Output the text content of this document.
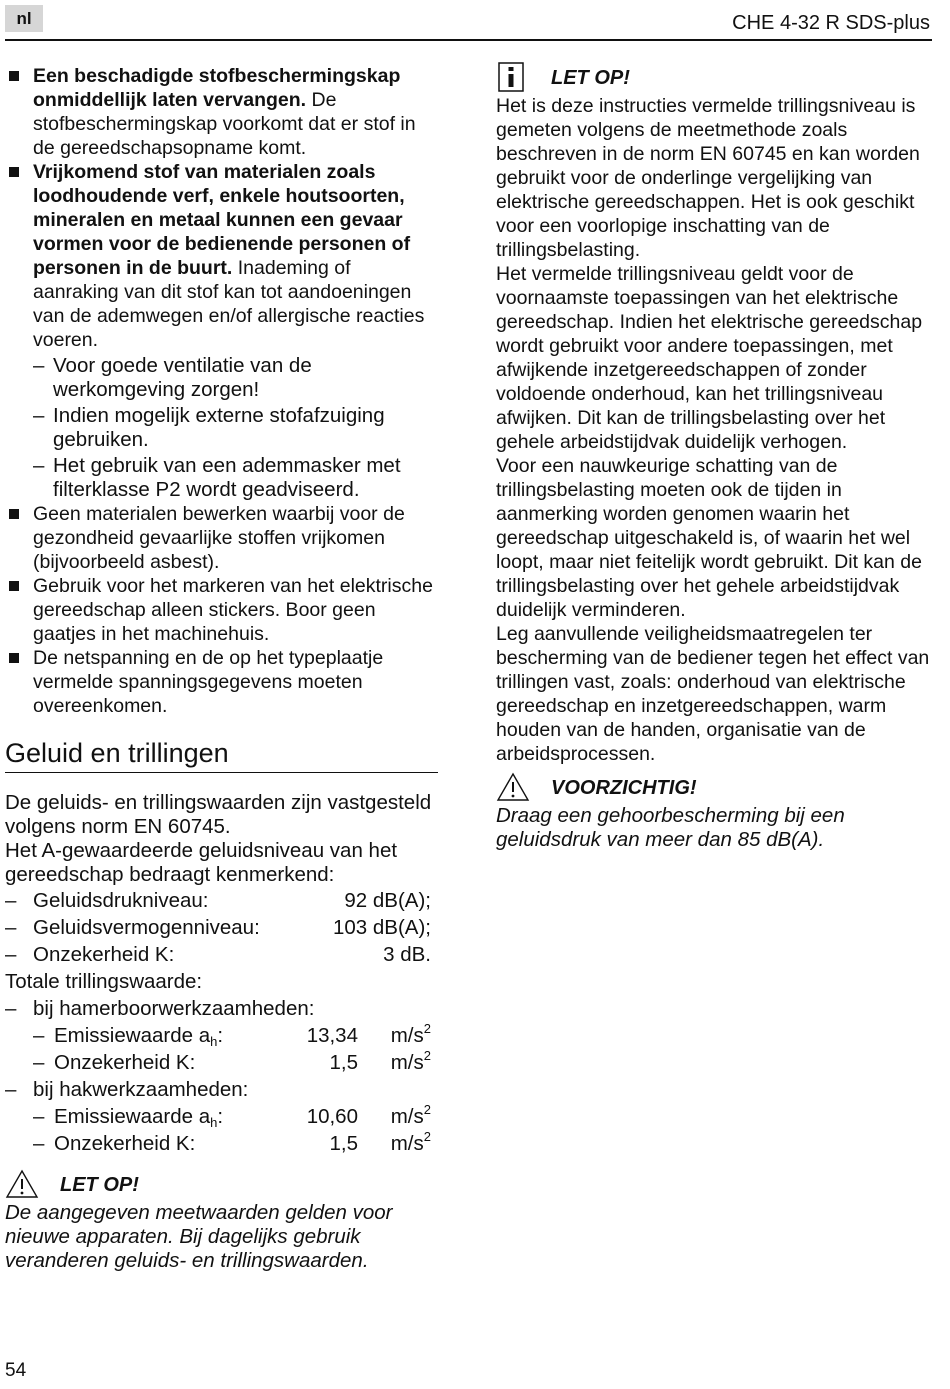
nl	CHE 4-32 R SDS-plus
Een beschadigde stofbeschermingskap onmiddellijk laten vervangen. De stofbeschermingskap voorkomt dat er stof in de gereedschapsopname komt.
Vrijkomend stof van materialen zoals loodhoudende verf, enkele houtsoorten, mineralen en metaal kunnen een gevaar vormen voor de bedienende personen of personen in de buurt. Inademing of aanraking van dit stof kan tot aandoeningen van de ademwegen en/of allergische reacties voeren.
– Voor goede ventilatie van de werkomgeving zorgen!
– Indien mogelijk externe stofafzuiging gebruiken.
– Het gebruik van een ademmasker met filterklasse P2 wordt geadviseerd.
Geen materialen bewerken waarbij voor de gezondheid gevaarlijke stoffen vrijkomen (bijvoorbeeld asbest).
Gebruik voor het markeren van het elektrische gereedschap alleen stickers. Boor geen gaatjes in het machinehuis.
De netspanning en de op het typeplaatje vermelde spanningsgegevens moeten overeenkomen.
Geluid en trillingen
De geluids- en trillingswaarden zijn vastgesteld volgens norm EN 60745.
Het A-gewaardeerde geluidsniveau van het gereedschap bedraagt kenmerkend:
– Geluidsdrukniveau:	92 dB(A);
– Geluidsvermogenniveau:	103 dB(A);
– Onzekerheid K:	3 dB.
Totale trillingswaarde:
– bij hamerboorwerkzaamheden:
– Emissiewaarde $a_h$:	13,34 $m/s^2$
– Onzekerheid K:	1,5 $m/s^2$
– bij hakwerkzaamheden:
– Emissiewaarde $a_h$:	10,60 $m/s^2$
– Onzekerheid K:	1,5 $m/s^2$
LET OP!
De aangegeven meetwaarden gelden voor nieuwe apparaten. Bij dagelijks gebruik veranderen geluids- en trillingswaarden.
LET OP!
Het is deze instructies vermelde trillingsniveau is gemeten volgens de meetmethode zoals beschreven in de norm EN 60745 en kan worden gebruikt voor de onderlinge vergelijking van elektrische gereedschappen. Het is ook geschikt voor een voorlopige inschatting van de trillingsbelasting.
Het vermelde trillingsniveau geldt voor de voornaamste toepassingen van het elektrische gereedschap. Indien het elektrische gereedschap wordt gebruikt voor andere toepassingen, met afwijkende inzetgereedschappen of zonder voldoende onderhoud, kan het trillingsniveau afwijken. Dit kan de trillingsbelasting over het gehele arbeidstijdvak duidelijk verhogen.
Voor een nauwkeurige schatting van de trillingsbelasting moeten ook de tijden in aanmerking worden genomen waarin het gereedschap uitgeschakeld is, of waarin het wel loopt, maar niet feitelijk wordt gebruikt. Dit kan de trillingsbelasting over het gehele arbeidstijdvak duidelijk verminderen.
Leg aanvullende veiligheidsmaatregelen ter bescherming van de bediener tegen het effect van trillingen vast, zoals: onderhoud van elektrische gereedschap en inzetgereedschappen, warm houden van de handen, organisatie van de arbeidsprocessen.
VOORZICHTIG!
Draag een gehoorbescherming bij een geluidsdruk van meer dan 85 dB(A).
54
